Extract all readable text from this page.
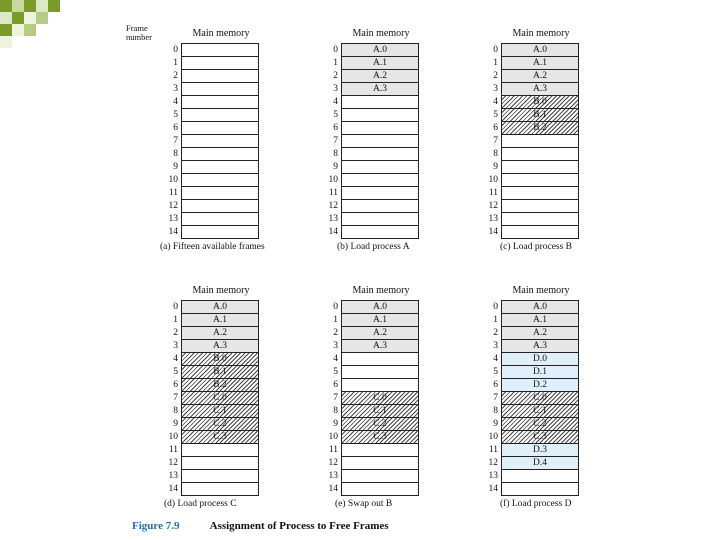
Frame
number	Main memory
0
1
2
3
4
5
6
7
8
9
10
11
12
13
14
(a) Fifteen available frames
Main memory
0	A.0
1	A.1
2	A.2
3	A.3
4
5
6
7
8
9
10
11
12
13
14
(b) Load process A
Main memory
0	A.0
1	A.1
2	A.2
3	A.3
4	B.0
5	B.1
6	B.2
7
8
9
10
11
12
13
14
(c) Load process B
Main memory
0	A.0
1	A.1
2	A.2
3	A.3
4	B.0
5	B.1
6	B.2
7	C.0
8	C.1
9	C.2
10	C.3
11
12
13
14
(d) Load process C
Main memory
0	A.0
1	A.1
2	A.2
3	A.3
4
5
6
7	C.0
8	C.1
9	C.2
10	C.3
11
12
13
14
(e) Swap out B
Main memory
0	A.0
1	A.1
2	A.2
3	A.3
4	D.0
5	D.1
6	D.2
7	C.0
8	C.1
9	C.2
10	C.3
11	D.3
12	D.4
13
14
(f) Load process D
Figure 7.9	Assignment of Process to Free Frames
